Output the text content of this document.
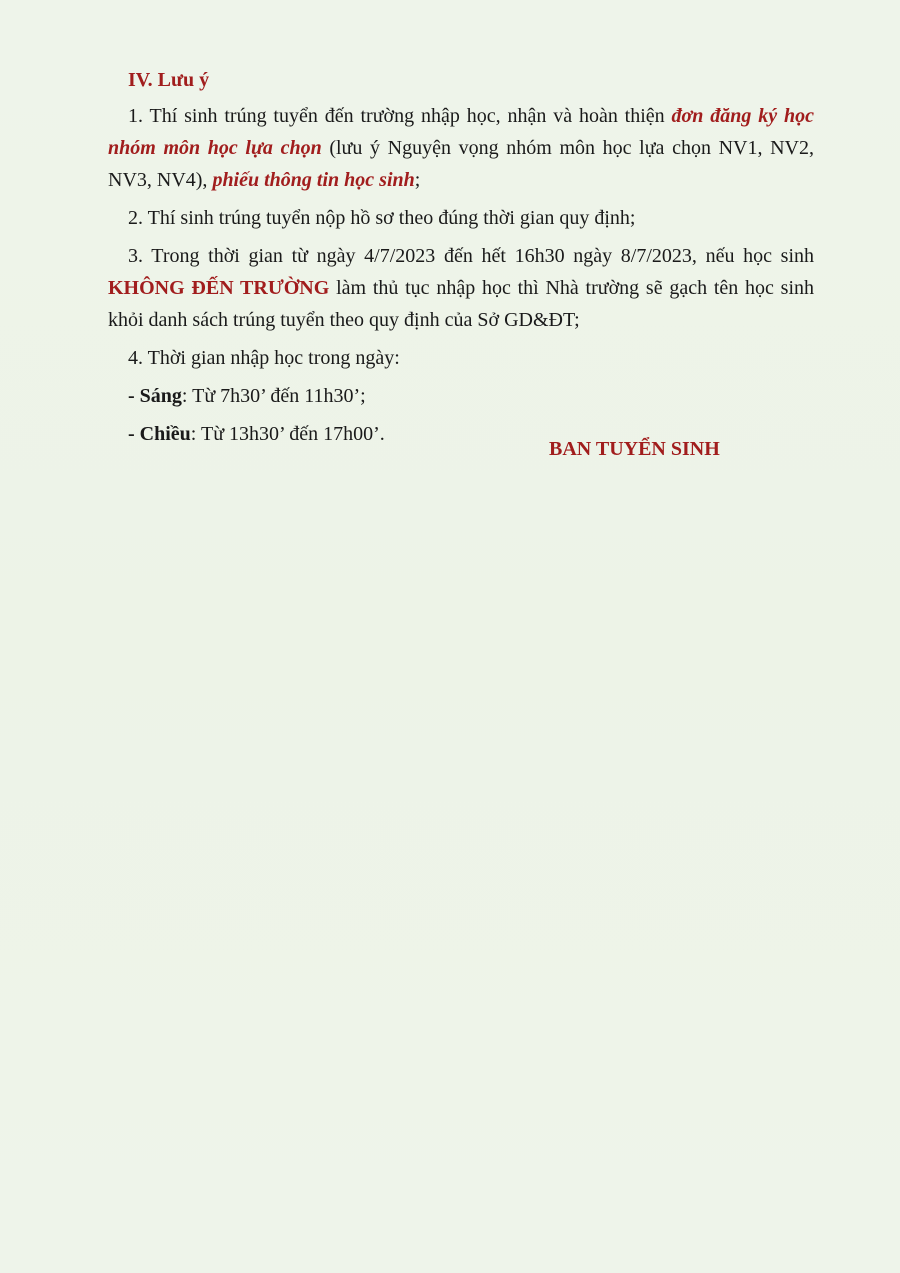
IV. Lưu ý

1. Thí sinh trúng tuyển đến trường nhập học, nhận và hoàn thiện đơn đăng ký học nhóm môn học lựa chọn (lưu ý Nguyện vọng nhóm môn học lựa chọn NV1, NV2, NV3, NV4), phiếu thông tin học sinh;

2. Thí sinh trúng tuyển nộp hồ sơ theo đúng thời gian quy định;

3. Trong thời gian từ ngày 4/7/2023 đến hết 16h30 ngày 8/7/2023, nếu học sinh KHÔNG ĐẾN TRƯỜNG làm thủ tục nhập học thì Nhà trường sẽ gạch tên học sinh khỏi danh sách trúng tuyển theo quy định của Sở GD&ĐT;

4. Thời gian nhập học trong ngày:

- Sáng: Từ 7h30’ đến 11h30’;

- Chiều: Từ 13h30’ đến 17h00’.

BAN TUYỂN SINH
